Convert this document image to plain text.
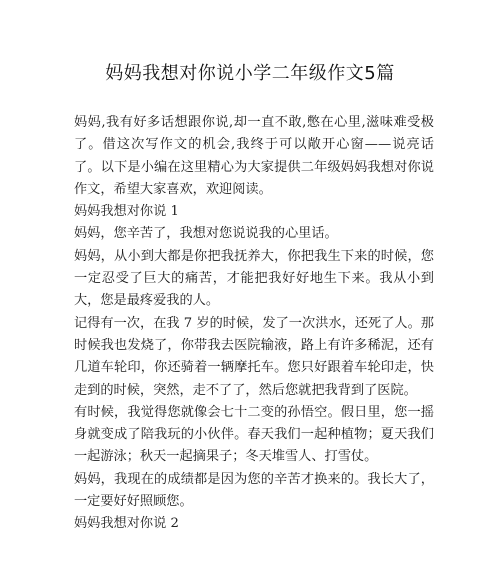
妈妈我想对你说小学二年级作文5篇

妈妈,我有好多话想跟你说,却一直不敢,憋在心里,滋味难受极了。借这次写作文的机会,我终于可以敞开心窗——说亮话了。以下是小编在这里精心为大家提供二年级妈妈我想对你说作文，希望大家喜欢，欢迎阅读。

妈妈我想对你说 1

妈妈，您辛苦了，我想对您说说我的心里话。

妈妈，从小到大都是你把我抚养大，你把我生下来的时候，您一定忍受了巨大的痛苦，才能把我好好地生下来。我从小到大，您是最疼爱我的人。

记得有一次，在我 7 岁的时候，发了一次洪水，还死了人。那时候我也发烧了，你带我去医院输液，路上有许多稀泥，还有几道车轮印，你还骑着一辆摩托车。您只好跟着车轮印走，快走到的时候，突然，走不了了，然后您就把我背到了医院。

有时候，我觉得您就像会七十二变的孙悟空。假日里，您一摇身就变成了陪我玩的小伙伴。春天我们一起种植物；夏天我们一起游泳；秋天一起摘果子；冬天堆雪人、打雪仗。

妈妈，我现在的成绩都是因为您的辛苦才换来的。我长大了，一定要好好照顾您。

妈妈我想对你说 2
